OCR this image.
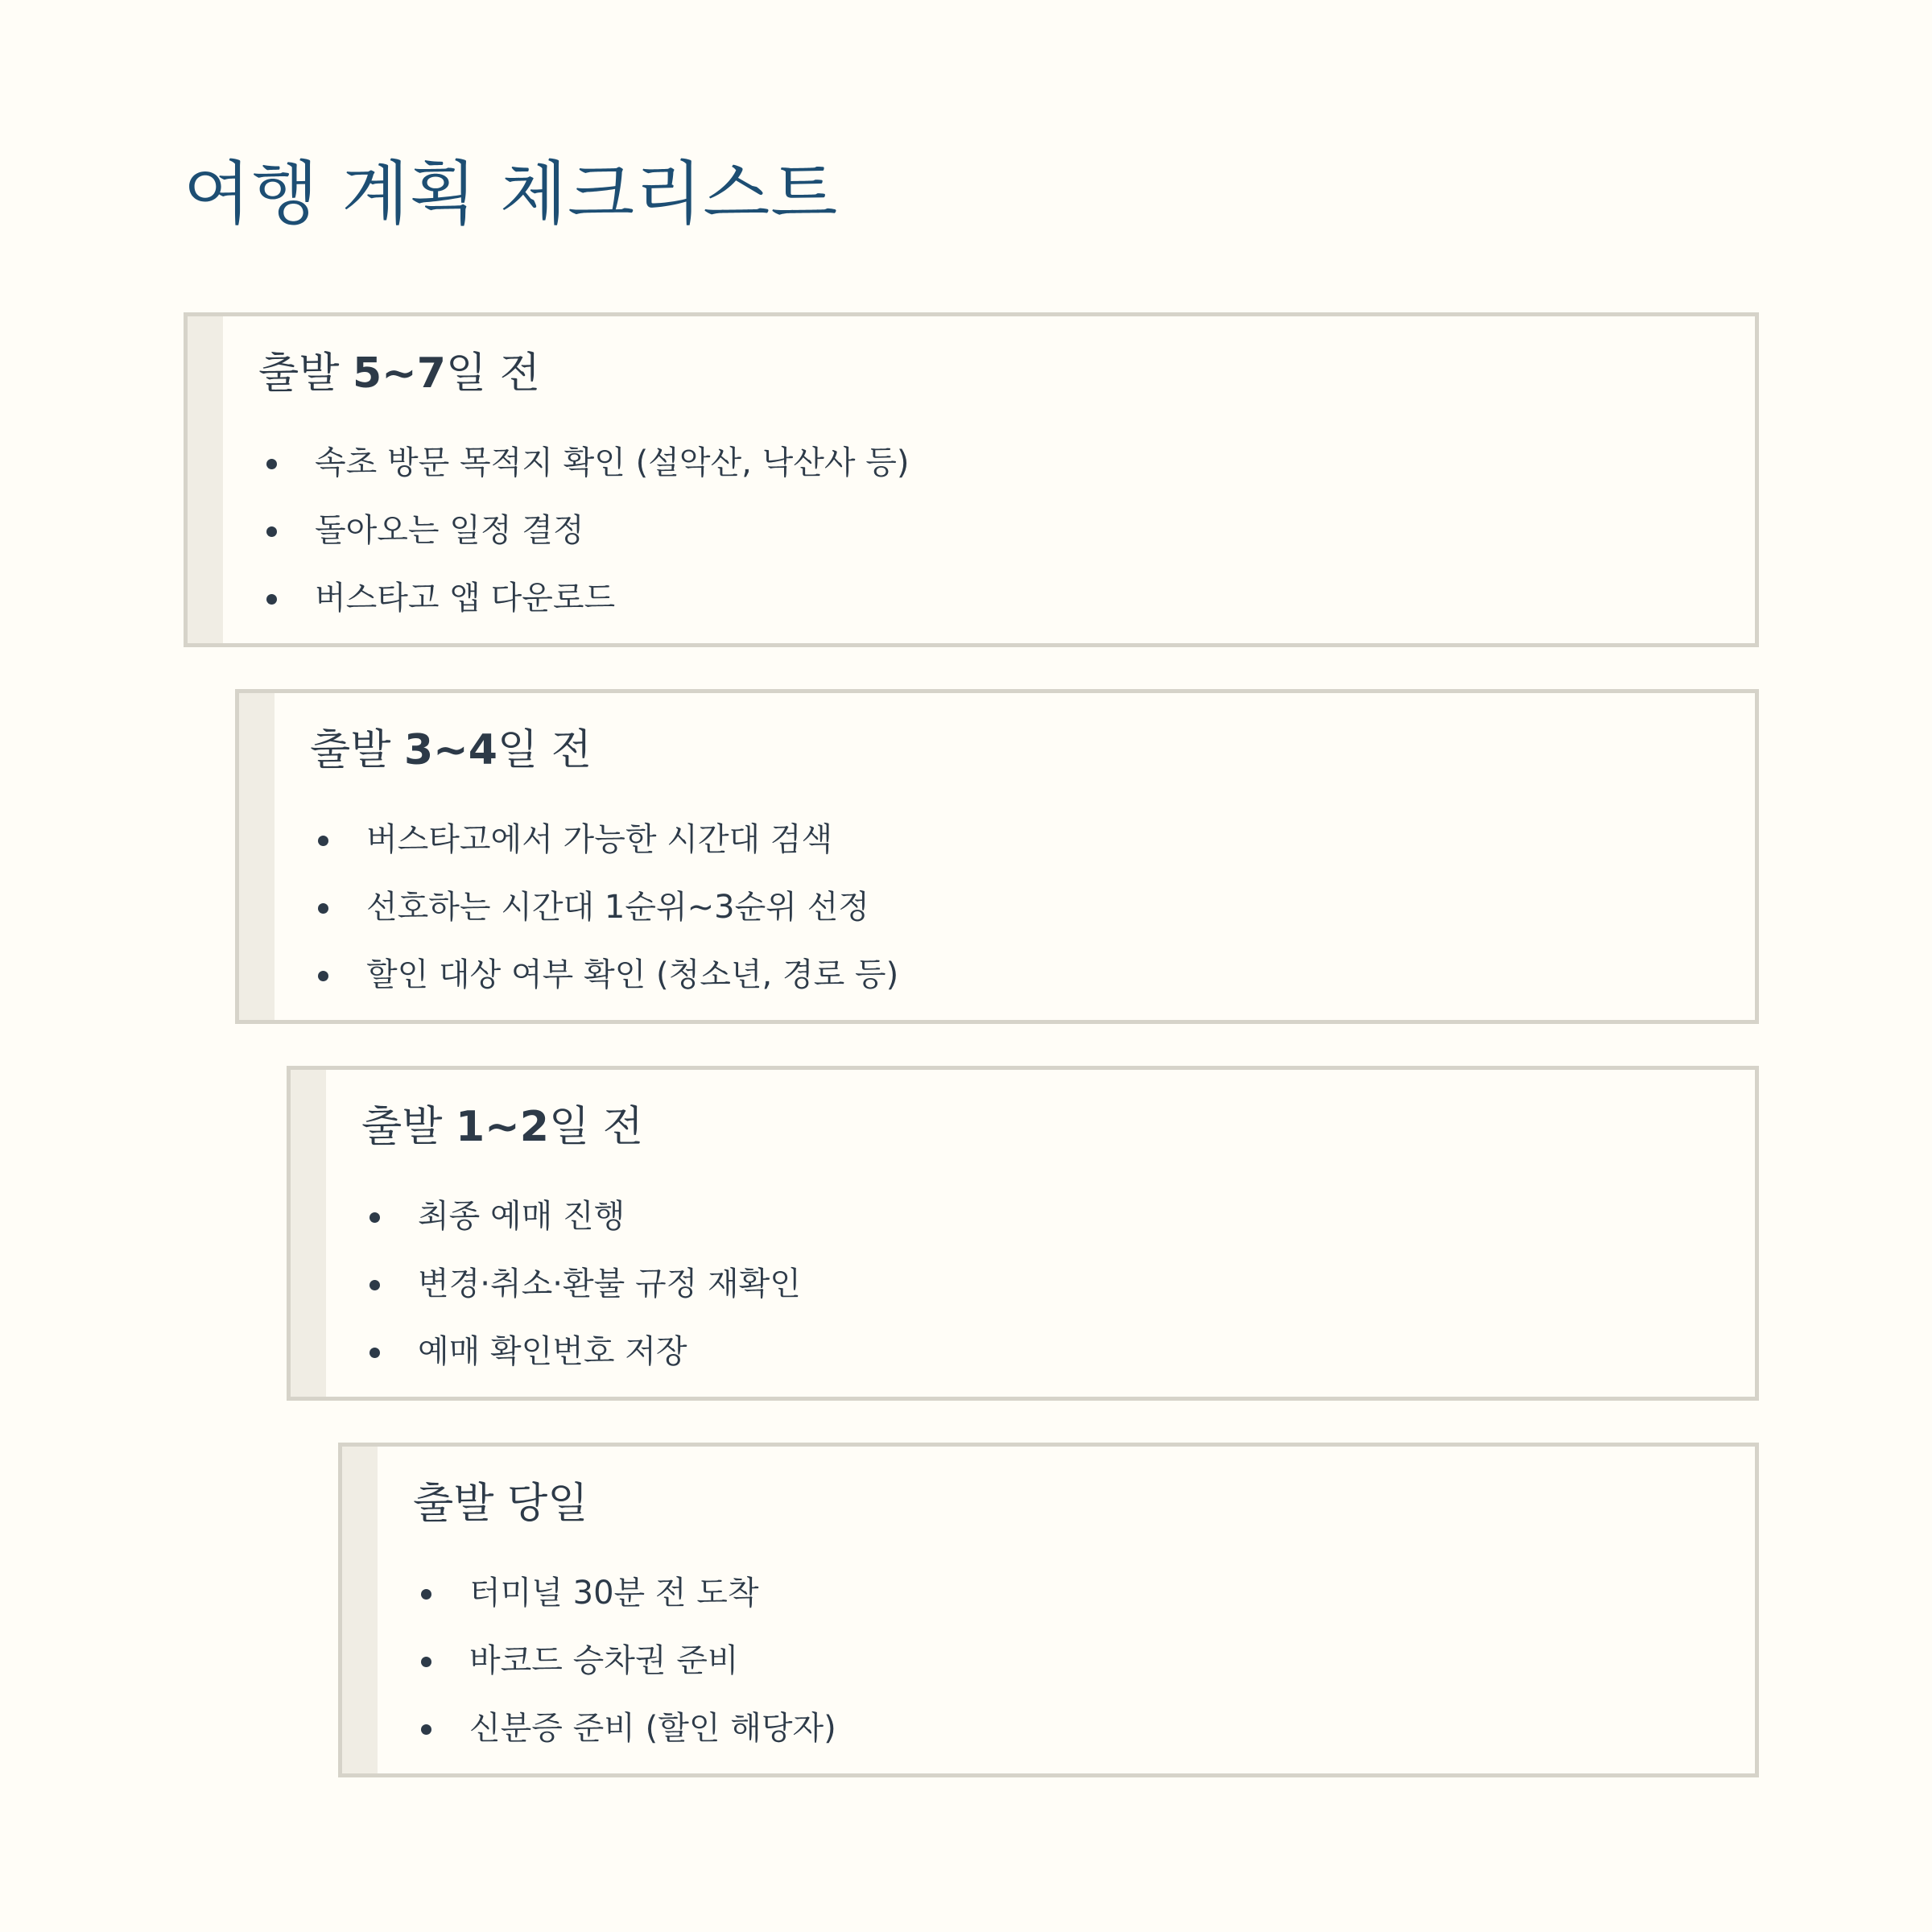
여행 계획 체크리스트
출발 5~7일 전
속초 방문 목적지 확인 (설악산, 낙산사 등)
돌아오는 일정 결정
버스타고 앱 다운로드
출발 3~4일 전
버스타고에서 가능한 시간대 검색
선호하는 시간대 1순위~3순위 선정
할인 대상 여부 확인 (청소년, 경로 등)
출발 1~2일 전
최종 예매 진행
변경·취소·환불 규정 재확인
예매 확인번호 저장
출발 당일
터미널 30분 전 도착
바코드 승차권 준비
신분증 준비 (할인 해당자)
